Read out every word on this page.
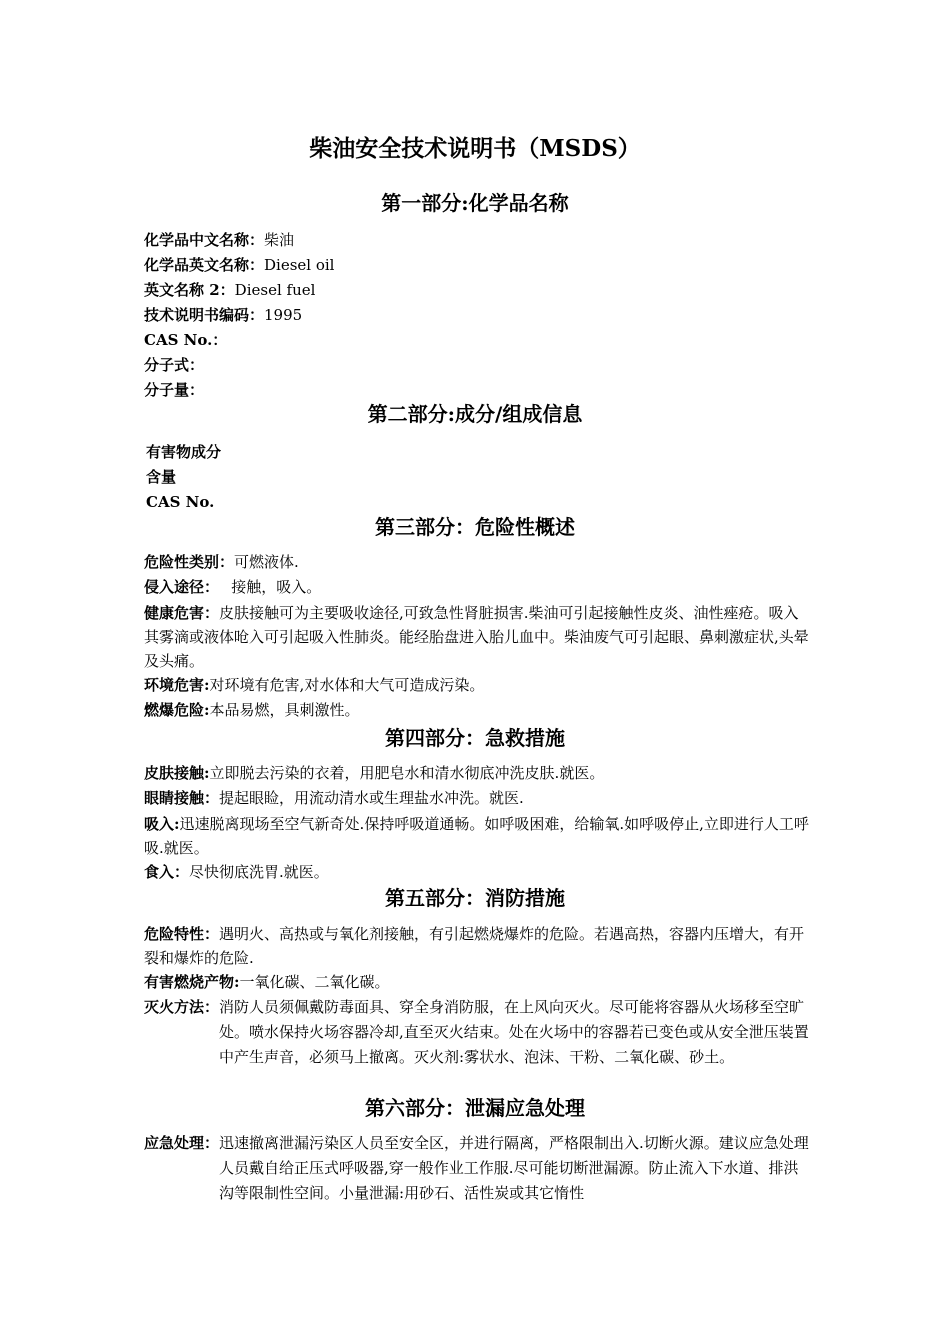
柴油安全技术说明书（MSDS）
第一部分:化学品名称

化学品中文名称：柴油

化学品英文名称：Diesel oil

英文名称 2：Diesel fuel

技术说明书编码：1995

CAS No.：

分子式：

分子量：

第二部分:成分/组成信息

有害物成分

含量

CAS No.

第三部分：危险性概述

危险性类别：可燃液体.

侵入途径：　 接触，吸入。

健康危害：皮肤接触可为主要吸收途径,可致急性肾脏损害.柴油可引起接触性皮炎、油性痤疮。吸入其雾滴或液体呛入可引起吸入性肺炎。能经胎盘进入胎儿血中。柴油废气可引起眼、鼻刺激症状,头晕及头痛。

环境危害:对环境有危害,对水体和大气可造成污染。

燃爆危险:本品易燃，具刺激性。

第四部分：急救措施

皮肤接触:立即脱去污染的衣着，用肥皂水和清水彻底冲洗皮肤.就医。

眼睛接触：提起眼睑，用流动清水或生理盐水冲洗。就医.

吸入:迅速脱离现场至空气新奇处.保持呼吸道通畅。如呼吸困难，给输氧.如呼吸停止,立即进行人工呼吸.就医。

食入：尽快彻底洗胃.就医。

第五部分：消防措施

危险特性：遇明火、高热或与氧化剂接触，有引起燃烧爆炸的危险。若遇高热，容器内压增大，有开裂和爆炸的危险.

有害燃烧产物:一氧化碳、二氧化碳。

灭火方法： 消防人员须佩戴防毒面具、穿全身消防服，在上风向灭火。尽可能将容器从火场移至空旷处。喷水保持火场容器冷却,直至灭火结束。处在火场中的容器若已变色或从安全泄压装置中产生声音，必须马上撤离。灭火剂:雾状水、泡沫、干粉、二氧化碳、砂土。
第六部分：泄漏应急处理
应急处理： 迅速撤离泄漏污染区人员至安全区，并进行隔离，严格限制出入.切断火源。建议应急处理人员戴自给正压式呼吸器,穿一般作业工作服.尽可能切断泄漏源。防止流入下水道、排洪沟等限制性空间。小量泄漏:用砂石、活性炭或其它惰性
